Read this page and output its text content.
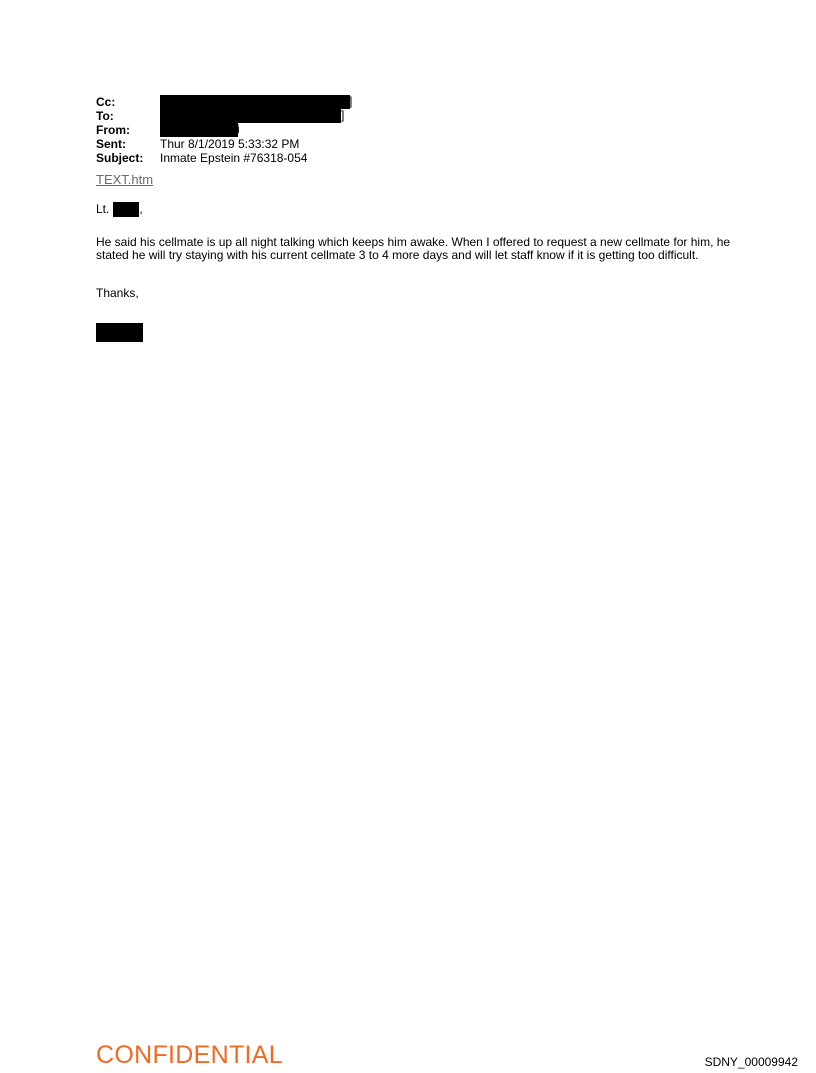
Cc:	]
To:	]
From:	i
Sent:	Thur 8/1/2019 5:33:32 PM
Subject:	Inmate Epstein #76318-054
TEXT.htm
Lt.	,
He said his cellmate is up all night talking which keeps him awake. When I offered to request a new cellmate for him, he stated he will try staying with his current cellmate 3 to 4 more days and will let staff know if it is getting too difficult.
Thanks,
CONFIDENTIAL	SDNY_00009942
